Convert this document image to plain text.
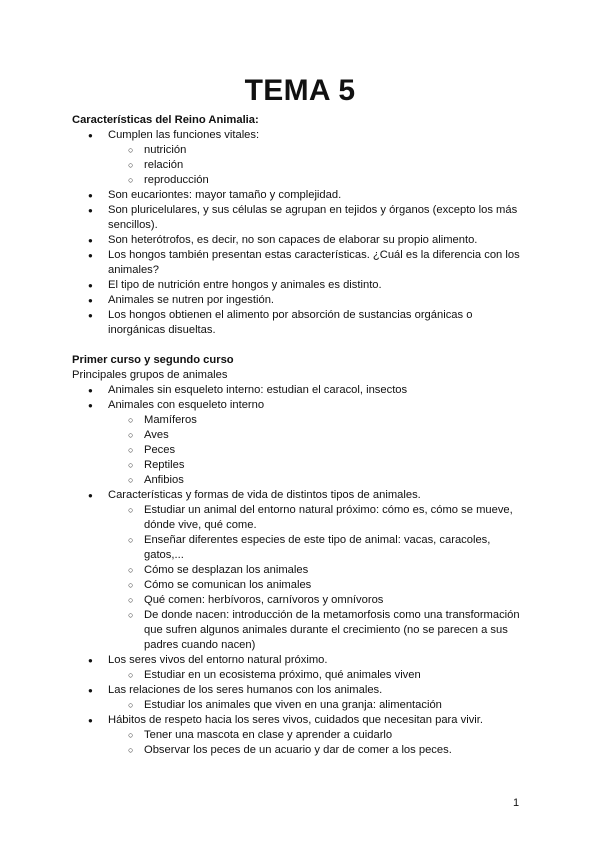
TEMA 5
Características del Reino Animalia:
● Cumplen las funciones vitales:
○ nutrición
○ relación
○ reproducción
● Son eucariontes: mayor tamaño y complejidad.
● Son pluricelulares, y sus células se agrupan en tejidos y órganos (excepto los más sencillos).
● Son heterótrofos, es decir, no son capaces de elaborar su propio alimento.
● Los hongos también presentan estas características. ¿Cuál es la diferencia con los animales?
● El tipo de nutrición entre hongos y animales es distinto.
● Animales se nutren por ingestión.
● Los hongos obtienen el alimento por absorción de sustancias orgánicas o inorgánicas disueltas.
Primer curso y segundo curso
Principales grupos de animales
● Animales sin esqueleto interno: estudian el caracol, insectos
● Animales con esqueleto interno
○ Mamíferos
○ Aves
○ Peces
○ Reptiles
○ Anfibios
● Características y formas de vida de distintos tipos de animales.
○ Estudiar un animal del entorno natural próximo: cómo es, cómo se mueve, dónde vive, qué come.
○ Enseñar diferentes especies de este tipo de animal: vacas, caracoles, gatos,...
○ Cómo se desplazan los animales
○ Cómo se comunican los animales
○ Qué comen: herbívoros, carnívoros y omnívoros
○ De donde nacen: introducción de la metamorfosis como una transformación que sufren algunos animales durante el crecimiento (no se parecen a sus padres cuando nacen)
● Los seres vivos del entorno natural próximo.
○ Estudiar en un ecosistema próximo, qué animales viven
● Las relaciones de los seres humanos con los animales.
○ Estudiar los animales que viven en una granja: alimentación
● Hábitos de respeto hacia los seres vivos, cuidados que necesitan para vivir.
○ Tener una mascota en clase y aprender a cuidarlo
○ Observar los peces de un acuario y dar de comer a los peces.
1
